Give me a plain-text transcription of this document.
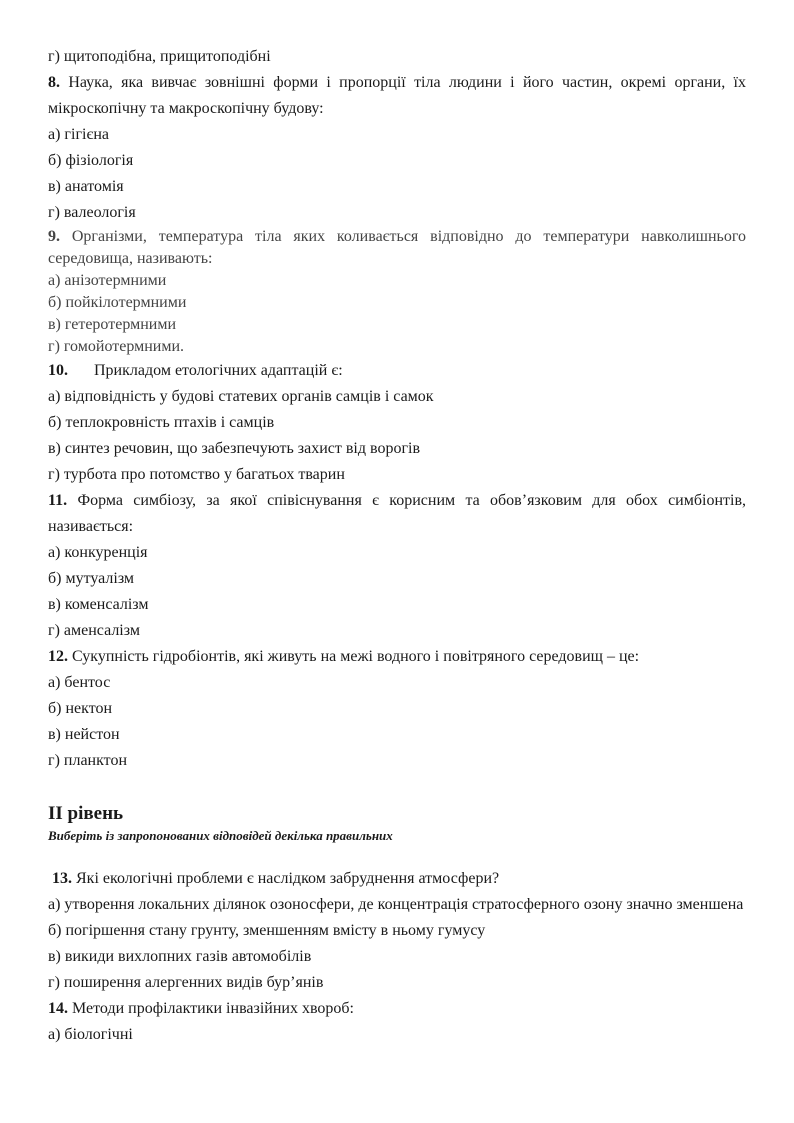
г) щитоподібна, прищитоподібні
8. Наука, яка вивчає зовнішні форми і пропорції тіла людини і його частин, окремі органи, їх мікроскопічну та макроскопічну будову:
а) гігієна
б) фізіологія
в) анатомія
г) валеологія
9. Організми, температура тіла яких коливається відповідно до температури навколишнього середовища, називають:
а) анізотермними
б) пойкілотермними
в) гетеротермними
г) гомойотермними.
10. Прикладом етологічних адаптацій є:
а) відповідність у будові статевих органів самців і самок
б) теплокровність птахів і самців
в) синтез речовин, що забезпечують захист від ворогів
г) турбота про потомство у багатьох тварин
11. Форма симбіозу, за якої співіснування є корисним та обов’язковим для обох симбіонтів, називається:
а) конкуренція
б) мутуалізм
в) коменсалізм
г) аменсалізм
12. Сукупність гідробіонтів, які живуть на межі водного і повітряного середовищ – це:
а) бентос
б) нектон
в) нейстон
г) планктон
II рівень
Виберіть із запропонованих відповідей декілька правильних
13. Які екологічні проблеми є наслідком забруднення атмосфери?
а) утворення локальних ділянок озоносфери, де концентрація стратосферного озону значно зменшена
б) погіршення стану грунту, зменшенням вмісту в ньому гумусу
в) викиди вихлопних газів автомобілів
г) поширення алергенних видів бур’янів
14. Методи профілактики інвазійних хвороб:
а) біологічні
